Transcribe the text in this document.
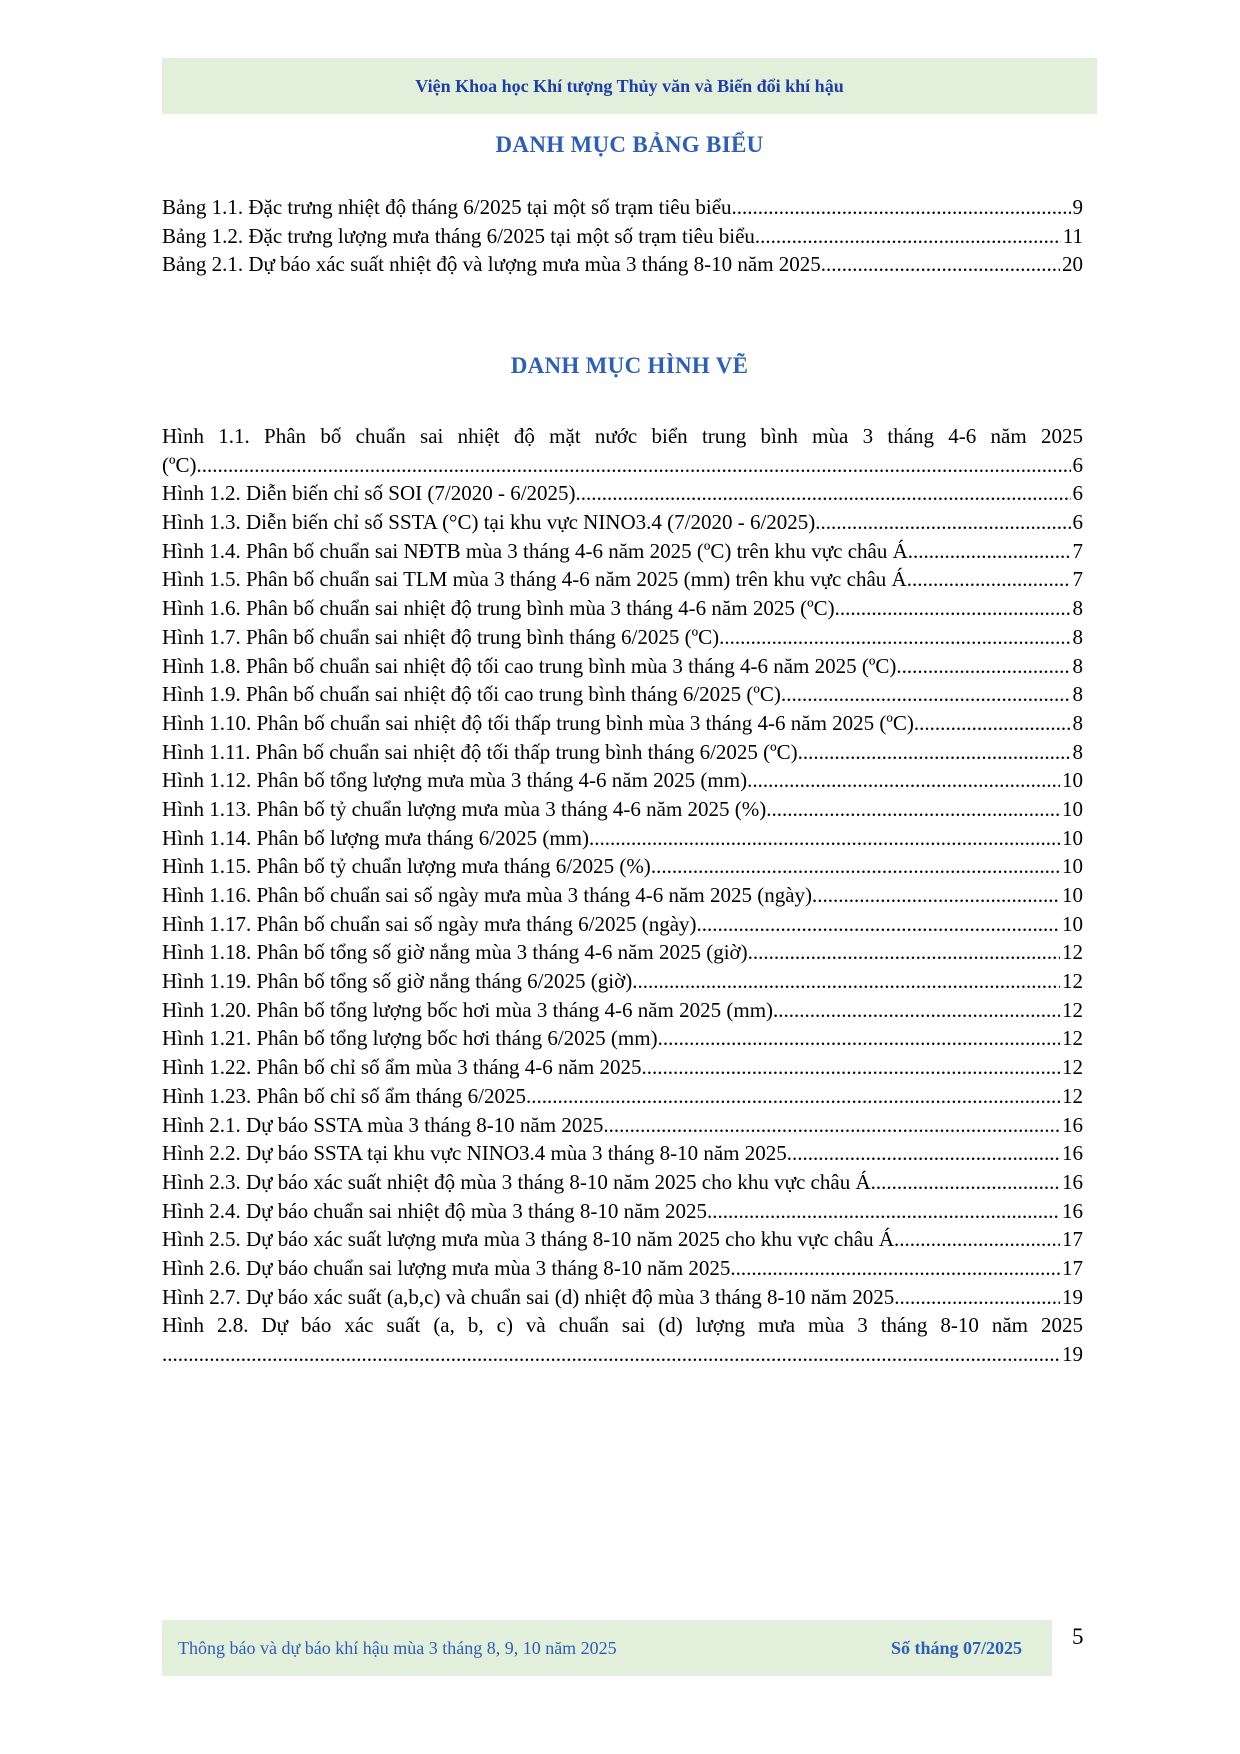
Viện Khoa học Khí tượng Thủy văn và Biến đổi khí hậu
DANH MỤC BẢNG BIỂU
Bảng 1.1. Đặc trưng nhiệt độ tháng 6/2025 tại một số trạm tiêu biểu .....	9
Bảng 1.2. Đặc trưng lượng mưa tháng 6/2025 tại một số trạm tiêu biểu .....	11
Bảng 2.1. Dự báo xác suất nhiệt độ và lượng mưa mùa 3 tháng 8-10 năm 2025 .....	20
DANH MỤC HÌNH VẼ
Hình 1.1. Phân bố chuẩn sai nhiệt độ mặt nước biển trung bình mùa 3 tháng 4-6 năm 2025
(ºC) .....	6
Hình 1.2. Diễn biến chỉ số SOI (7/2020 - 6/2025) .....	6
Hình 1.3. Diễn biến chỉ số SSTA (°C) tại khu vực NINO3.4 (7/2020 - 6/2025) .....	6
Hình 1.4. Phân bố chuẩn sai NĐTB mùa 3 tháng 4-6 năm 2025 (ºC) trên khu vực châu Á .....	7
Hình 1.5. Phân bố chuẩn sai TLM mùa 3 tháng 4-6 năm 2025 (mm) trên khu vực châu Á .....	7
Hình 1.6. Phân bố chuẩn sai nhiệt độ trung bình mùa 3 tháng 4-6 năm 2025 (ºC) .....	8
Hình 1.7. Phân bố chuẩn sai nhiệt độ trung bình tháng 6/2025 (ºC) .....	8
Hình 1.8. Phân bố chuẩn sai nhiệt độ tối cao trung bình mùa 3 tháng 4-6 năm 2025 (ºC) .....	8
Hình 1.9. Phân bố chuẩn sai nhiệt độ tối cao trung bình tháng 6/2025 (ºC) .....	8
Hình 1.10. Phân bố chuẩn sai nhiệt độ tối thấp trung bình mùa 3 tháng 4-6 năm 2025 (ºC) .....	8
Hình 1.11. Phân bố chuẩn sai nhiệt độ tối thấp trung bình tháng 6/2025 (ºC) .....	8
Hình 1.12. Phân bố tổng lượng mưa mùa 3 tháng 4-6 năm 2025 (mm) .....	10
Hình 1.13. Phân bố tỷ chuẩn lượng mưa mùa 3 tháng 4-6 năm 2025 (%) .....	10
Hình 1.14. Phân bố lượng mưa tháng 6/2025 (mm) .....	10
Hình 1.15. Phân bố tỷ chuẩn lượng mưa tháng 6/2025 (%) .....	10
Hình 1.16. Phân bố chuẩn sai số ngày mưa mùa 3 tháng 4-6 năm 2025 (ngày) .....	10
Hình 1.17. Phân bố chuẩn sai số ngày mưa tháng 6/2025 (ngày) .....	10
Hình 1.18. Phân bố tổng số giờ nắng mùa 3 tháng 4-6 năm 2025 (giờ) .....	12
Hình 1.19. Phân bố tổng số giờ nắng tháng 6/2025 (giờ) .....	12
Hình 1.20. Phân bố tổng lượng bốc hơi mùa 3 tháng 4-6 năm 2025 (mm) .....	12
Hình 1.21. Phân bố tổng lượng bốc hơi tháng 6/2025 (mm) .....	12
Hình 1.22. Phân bố chỉ số ẩm mùa 3 tháng 4-6 năm 2025 .....	12
Hình 1.23. Phân bố chỉ số ẩm tháng 6/2025 .....	12
Hình 2.1. Dự báo SSTA mùa 3 tháng 8-10 năm 2025 .....	16
Hình 2.2. Dự báo SSTA tại khu vực NINO3.4 mùa 3 tháng 8-10 năm 2025 .....	16
Hình 2.3. Dự báo xác suất nhiệt độ mùa 3 tháng 8-10 năm 2025 cho khu vực châu Á .....	16
Hình 2.4. Dự báo chuẩn sai nhiệt độ mùa 3 tháng 8-10 năm 2025 .....	16
Hình 2.5. Dự báo xác suất lượng mưa mùa 3 tháng 8-10 năm 2025 cho khu vực châu Á .....	17
Hình 2.6. Dự báo chuẩn sai lượng mưa mùa 3 tháng 8-10 năm 2025 .....	17
Hình 2.7. Dự báo xác suất (a,b,c) và chuẩn sai (d) nhiệt độ mùa 3 tháng 8-10 năm 2025 .....	19
Hình 2.8. Dự báo xác suất (a, b, c) và chuẩn sai (d) lượng mưa mùa 3 tháng 8-10 năm 2025
.....
19
Thông báo và dự báo khí hậu mùa 3 tháng 8, 9, 10 năm 2025	Số tháng 07/2025 5
